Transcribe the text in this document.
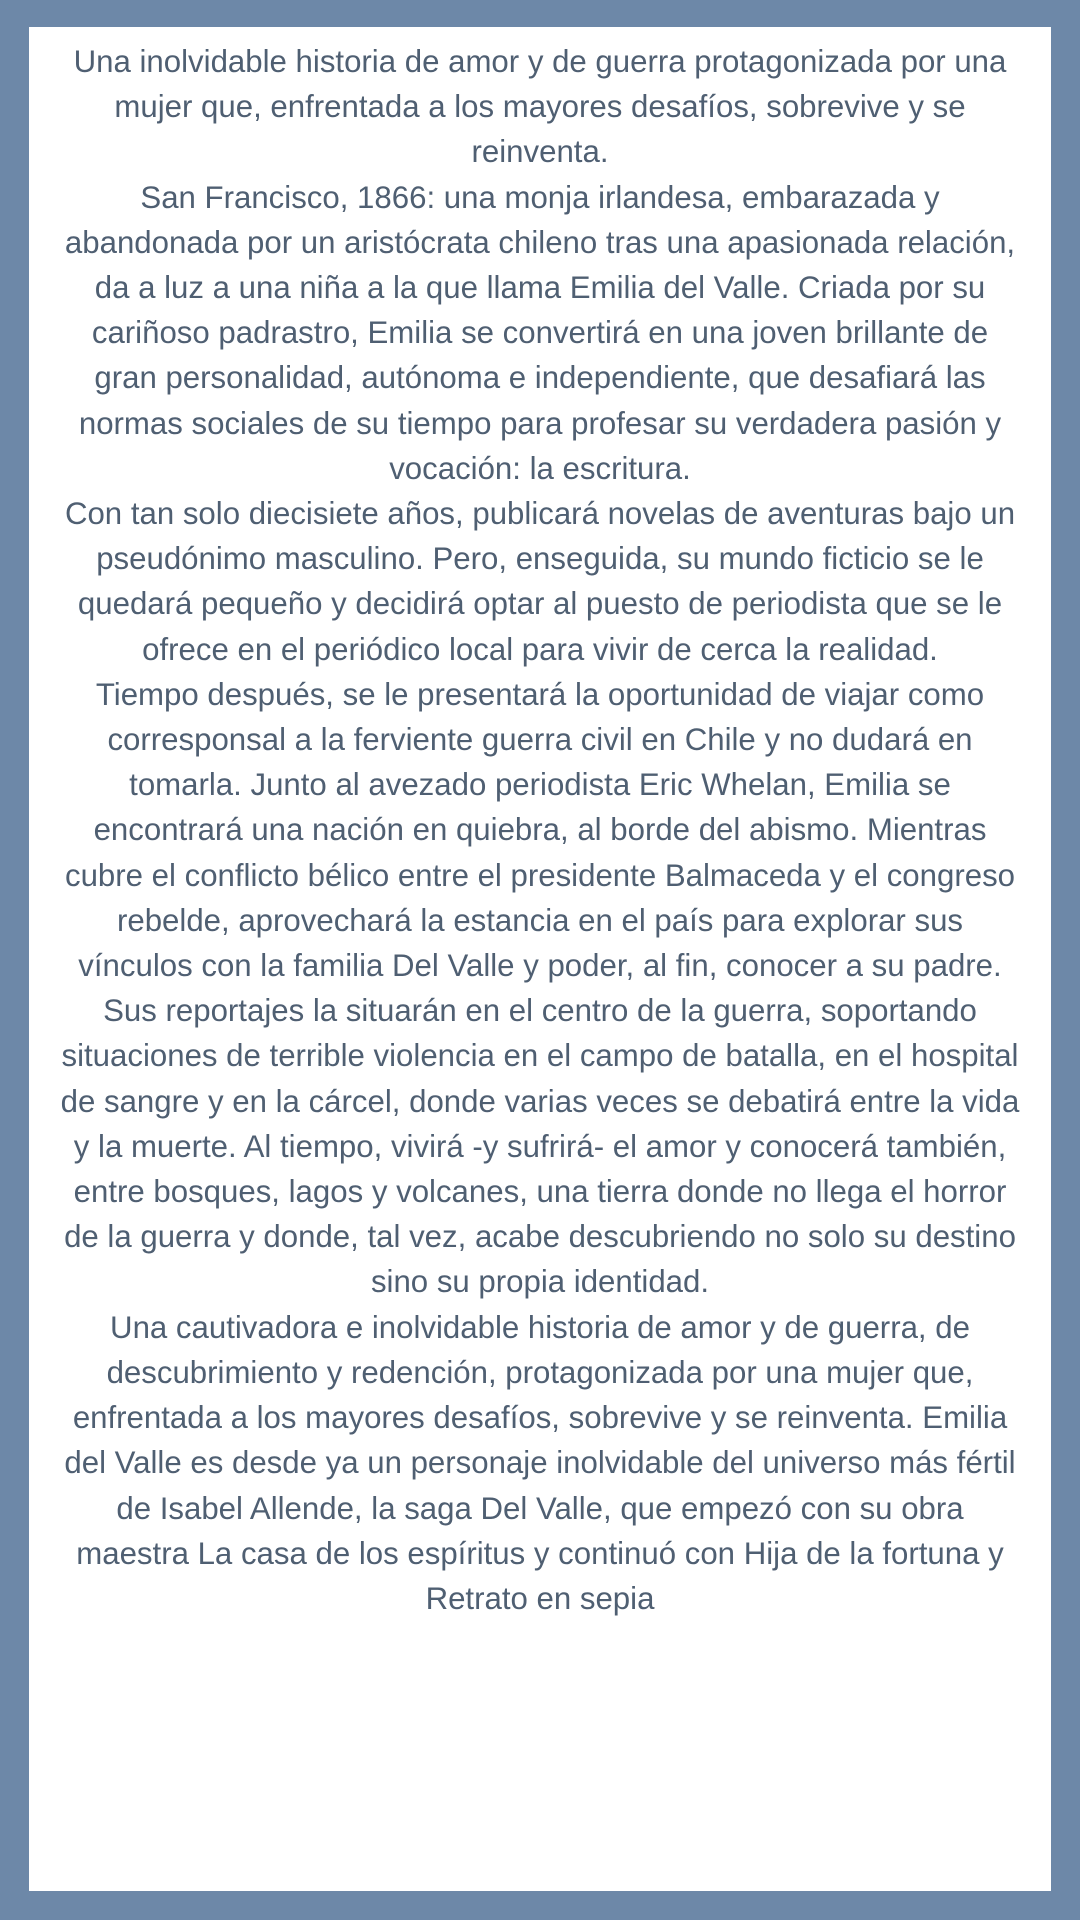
Una inolvidable historia de amor y de guerra protagonizada por una mujer que, enfrentada a los mayores desafíos, sobrevive y se reinventa.

San Francisco, 1866: una monja irlandesa, embarazada y abandonada por un aristócrata chileno tras una apasionada relación, da a luz a una niña a la que llama Emilia del Valle. Criada por su cariñoso padrastro, Emilia se convertirá en una joven brillante de gran personalidad, autónoma e independiente, que desafiará las normas sociales de su tiempo para profesar su verdadera pasión y vocación: la escritura.

Con tan solo diecisiete años, publicará novelas de aventuras bajo un pseudónimo masculino. Pero, enseguida, su mundo ficticio se le quedará pequeño y decidirá optar al puesto de periodista que se le ofrece en el periódico local para vivir de cerca la realidad.

Tiempo después, se le presentará la oportunidad de viajar como corresponsal a la ferviente guerra civil en Chile y no dudará en tomarla. Junto al avezado periodista Eric Whelan, Emilia se encontrará una nación en quiebra, al borde del abismo. Mientras cubre el conflicto bélico entre el presidente Balmaceda y el congreso rebelde, aprovechará la estancia en el país para explorar sus vínculos con la familia Del Valle y poder, al fin, conocer a su padre.

Sus reportajes la situarán en el centro de la guerra, soportando situaciones de terrible violencia en el campo de batalla, en el hospital de sangre y en la cárcel, donde varias veces se debatirá entre la vida y la muerte. Al tiempo, vivirá -y sufrirá- el amor y conocerá también, entre bosques, lagos y volcanes, una tierra donde no llega el horror de la guerra y donde, tal vez, acabe descubriendo no solo su destino sino su propia identidad.

Una cautivadora e inolvidable historia de amor y de guerra, de descubrimiento y redención, protagonizada por una mujer que, enfrentada a los mayores desafíos, sobrevive y se reinventa. Emilia del Valle es desde ya un personaje inolvidable del universo más fértil de Isabel Allende, la saga Del Valle, que empezó con su obra maestra La casa de los espíritus y continuó con Hija de la fortuna y Retrato en sepia
